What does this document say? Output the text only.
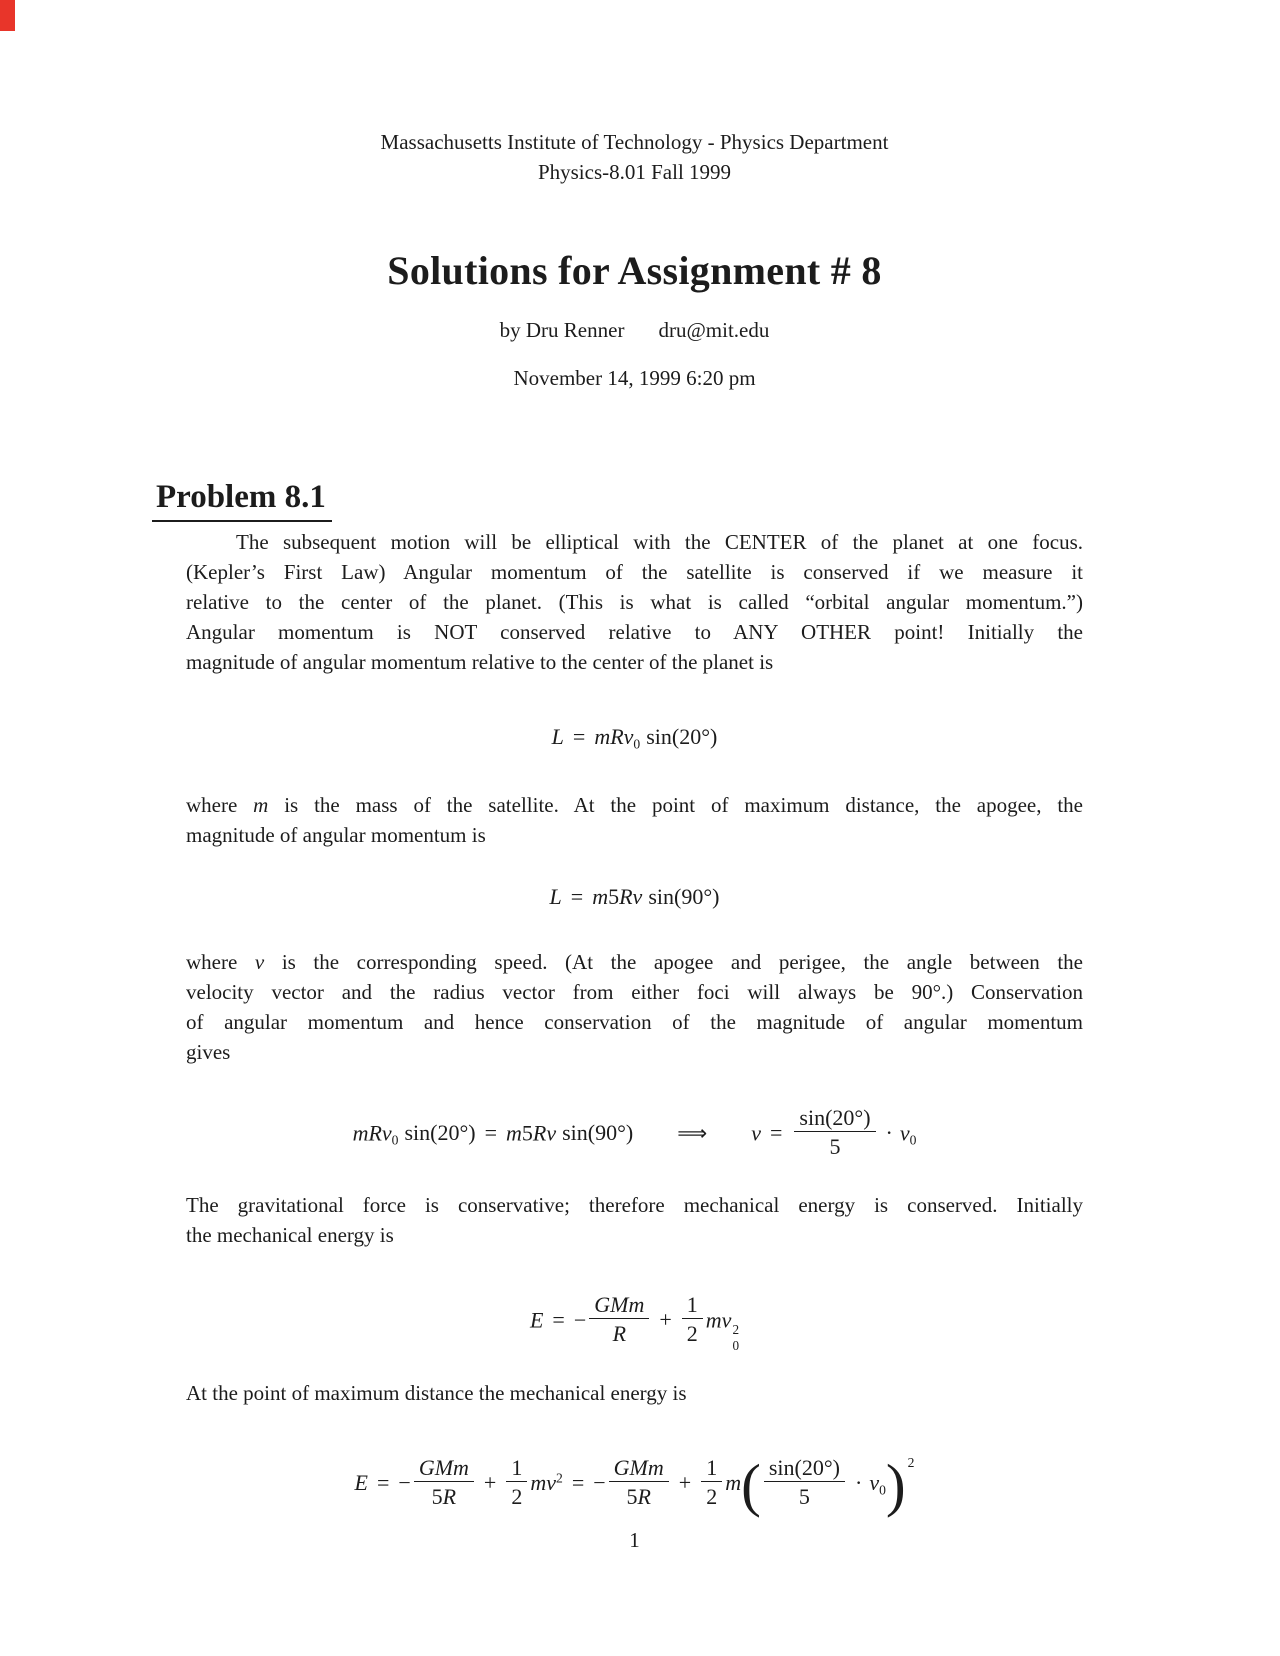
Massachusetts Institute of Technology - Physics Department
Physics-8.01 Fall 1999
Solutions for Assignment # 8
by Dru Renner dru@mit.edu
November 14, 1999 6:20 pm
Problem 8.1
The subsequent motion will be elliptical with the CENTER of the planet at one focus.
(Kepler’s First Law) Angular momentum of the satellite is conserved if we measure it
relative to the center of the planet. (This is what is called “orbital angular momentum.”)
Angular momentum is NOT conserved relative to ANY OTHER point! Initially the
magnitude of angular momentum relative to the center of the planet is
L = mRv0 sin(20°)
where m is the mass of the satellite. At the point of maximum distance, the apogee, the
magnitude of angular momentum is
L = m5Rv sin(90°)
where v is the corresponding speed. (At the apogee and perigee, the angle between the
velocity vector and the radius vector from either foci will always be 90°.) Conservation
of angular momentum and hence conservation of the magnitude of angular momentum
gives
mRv0 sin(20°) = m5Rv sin(90°) ⟹ $v = \frac{\sin(20^\circ)}{5} \cdot v0$
The gravitational force is conservative; therefore mechanical energy is conserved. Initially
the mechanical energy is
E = − $\frac{\text{GMm}}{R} + \frac{1}{2}$ mv 2
0
At the point of maximum distance the mechanical energy is
E = − $\frac{\text{GMm}}{5R} + \frac{1}{2} mv^2$ = − $\frac{\text{GMm}}{5R} + \frac{1}{2} m( \frac{\sin(20^\circ)}{5} \cdot v0)$ $^2$
1
